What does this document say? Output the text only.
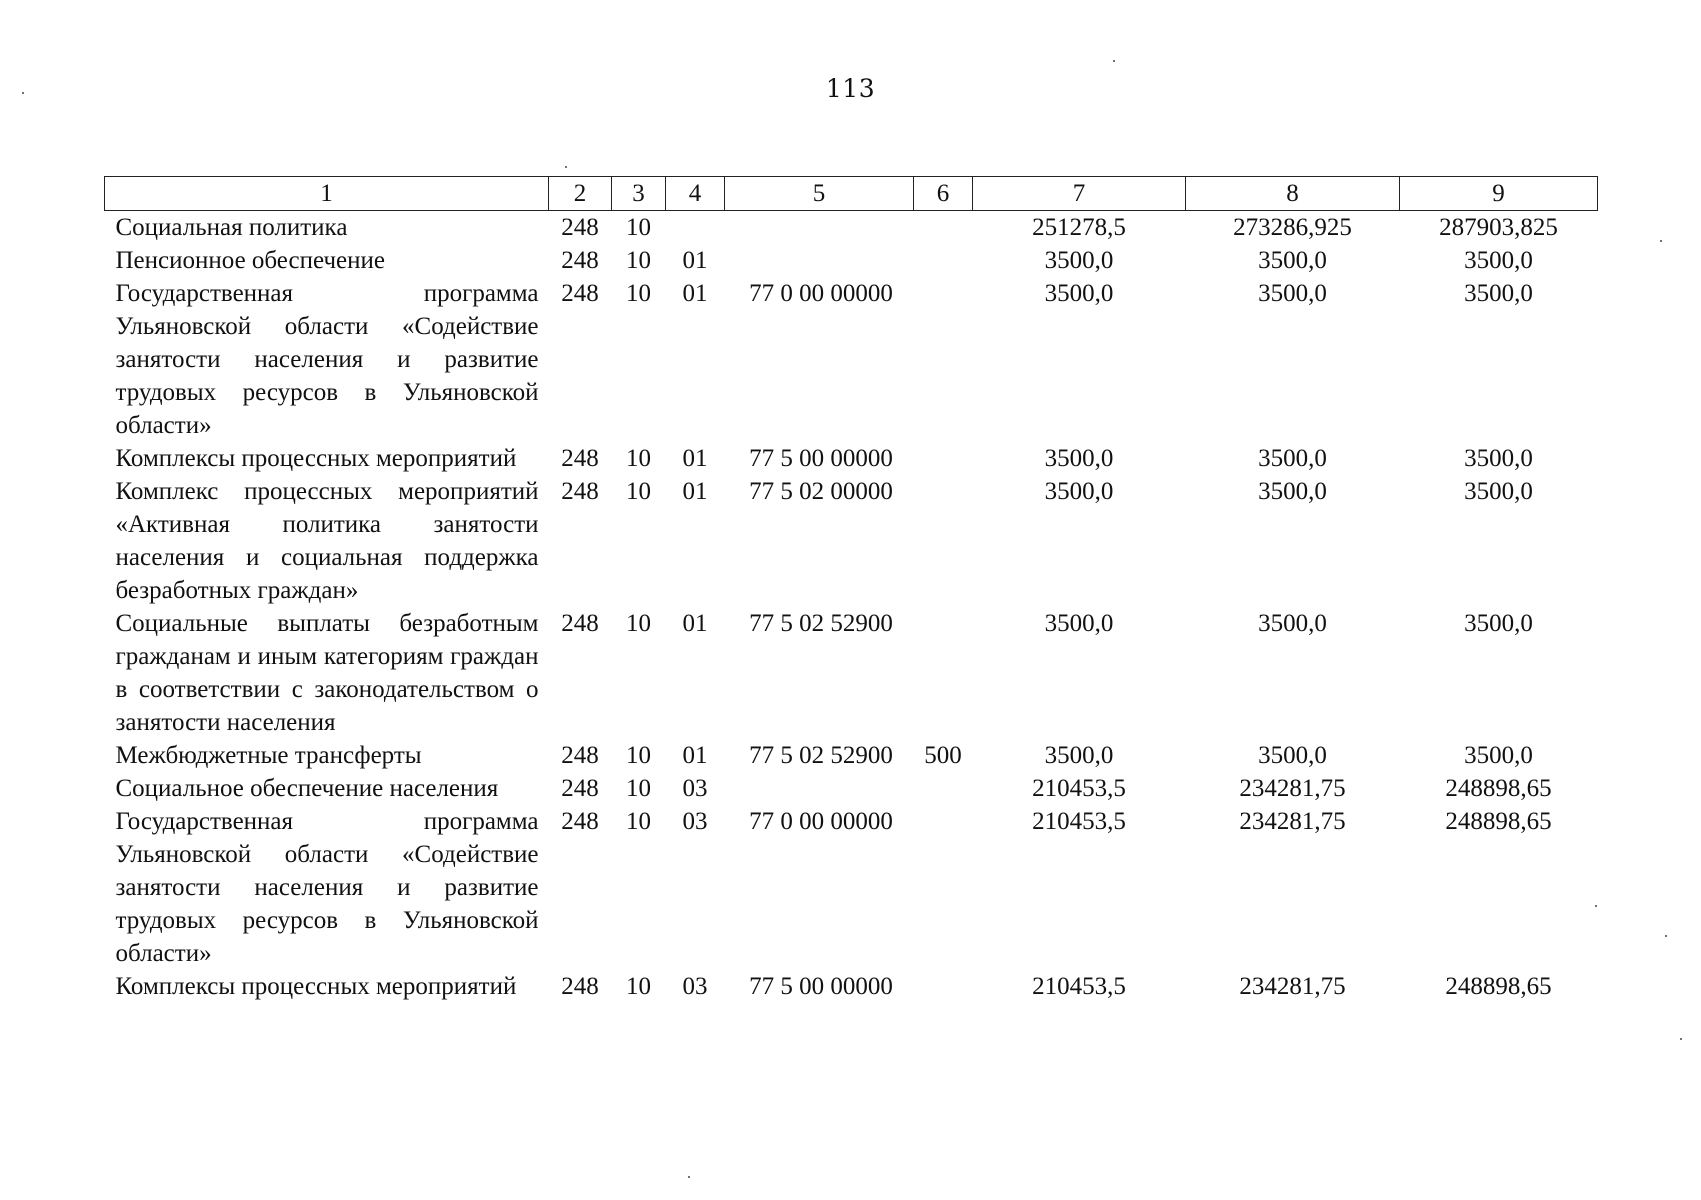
113
1	2	3	4	5	6	7	8	9
Социальная политика	248	10				251278,5	273286,925	287903,825
Пенсионное обеспечение	248	10	01			3500,0	3500,0	3500,0
Государственная программа Ульяновской области «Содействие занятости населения и развитие трудовых ресурсов в Ульяновской области»	248	10	01	77 0 00 00000		3500,0	3500,0	3500,0
Комплексы процессных мероприятий	248	10	01	77 5 00 00000		3500,0	3500,0	3500,0
Комплекс процессных мероприятий «Активная политика занятости населения и социальная поддержка безработных граждан»	248	10	01	77 5 02 00000		3500,0	3500,0	3500,0
Социальные выплаты безработным гражданам и иным категориям граждан в соответствии с законодательством о занятости населения	248	10	01	77 5 02 52900		3500,0	3500,0	3500,0
Межбюджетные трансферты	248	10	01	77 5 02 52900	500	3500,0	3500,0	3500,0
Социальное обеспечение населения	248	10	03			210453,5	234281,75	248898,65
Государственная программа Ульяновской области «Содействие занятости населения и развитие трудовых ресурсов в Ульяновской области»	248	10	03	77 0 00 00000		210453,5	234281,75	248898,65
Комплексы процессных мероприятий	248	10	03	77 5 00 00000		210453,5	234281,75	248898,65
